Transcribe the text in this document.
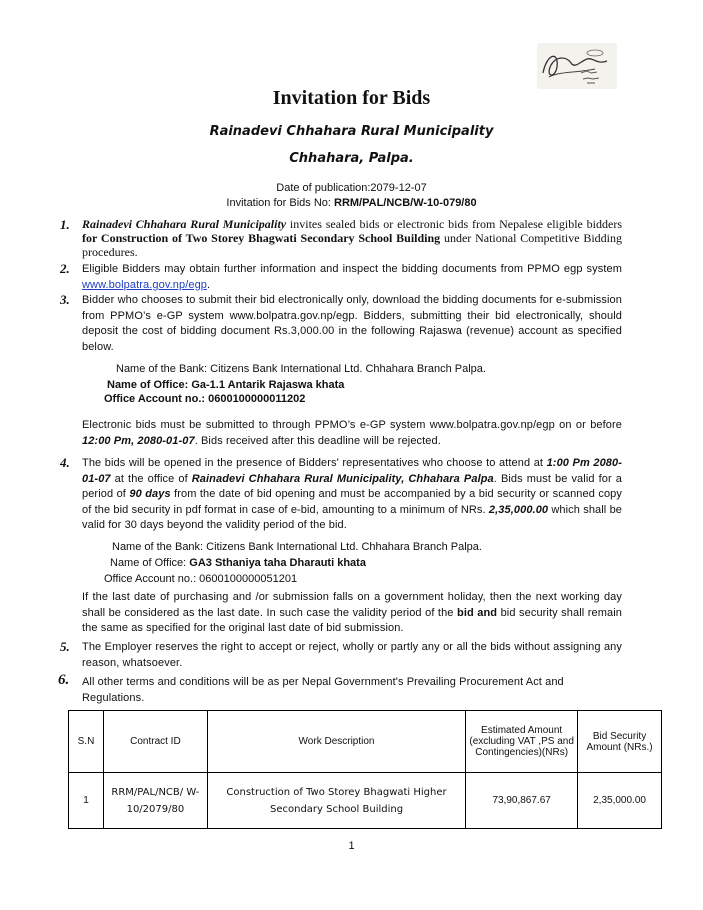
Invitation for Bids
Rainadevi Chhahara Rural Municipality
Chhahara, Palpa.
Date of publication:2079-12-07
Invitation for Bids No: RRM/PAL/NCB/W-10-079/80
1. Rainadevi Chhahara Rural Municipality invites sealed bids or electronic bids from Nepalese eligible bidders for Construction of Two Storey Bhagwati Secondary School Building under National Competitive Bidding procedures.
2. Eligible Bidders may obtain further information and inspect the bidding documents from PPMO egp system www.bolpatra.gov.np/egp.
3. Bidder who chooses to submit their bid electronically only, download the bidding documents for e-submission from PPMO’s e-GP system www.bolpatra.gov.np/egp. Bidders, submitting their bid electronically, should deposit the cost of bidding document Rs.3,000.00 in the following Rajaswa (revenue) account as specified below.
Name of the Bank: Citizens Bank International Ltd. Chhahara Branch Palpa.
Name of Office: Ga-1.1 Antarik Rajaswa khata
Office Account no.: 0600100000011202
Electronic bids must be submitted to through PPMO’s e-GP system www.bolpatra.gov.np/egp on or before 12:00 Pm, 2080-01-07. Bids received after this deadline will be rejected.
4. The bids will be opened in the presence of Bidders' representatives who choose to attend at 1:00 Pm 2080-01-07 at the office of Rainadevi Chhahara Rural Municipality, Chhahara Palpa. Bids must be valid for a period of 90 days from the date of bid opening and must be accompanied by a bid security or scanned copy of the bid security in pdf format in case of e-bid, amounting to a minimum of NRs. 2,35,000.00 which shall be valid for 30 days beyond the validity period of the bid.
Name of the Bank: Citizens Bank International Ltd. Chhahara Branch Palpa.
Name of Office: GA3 Sthaniya taha Dharauti khata
Office Account no.: 0600100000051201
If the last date of purchasing and /or submission falls on a government holiday, then the next working day shall be considered as the last date. In such case the validity period of the bid and bid security shall remain the same as specified for the original last date of bid submission.
5. The Employer reserves the right to accept or reject, wholly or partly any or all the bids without assigning any reason, whatsoever.
6. All other terms and conditions will be as per Nepal Government's Prevailing Procurement Act and Regulations.
S.N	Contract ID	Work Description	Estimated Amount (excluding VAT ,PS and Contingencies)(NRs)	Bid Security Amount (NRs.)
1	RRM/PAL/NCB/ W-10/2079/80	Construction of Two Storey Bhagwati Higher Secondary School Building	73,90,867.67	2,35,000.00
1
